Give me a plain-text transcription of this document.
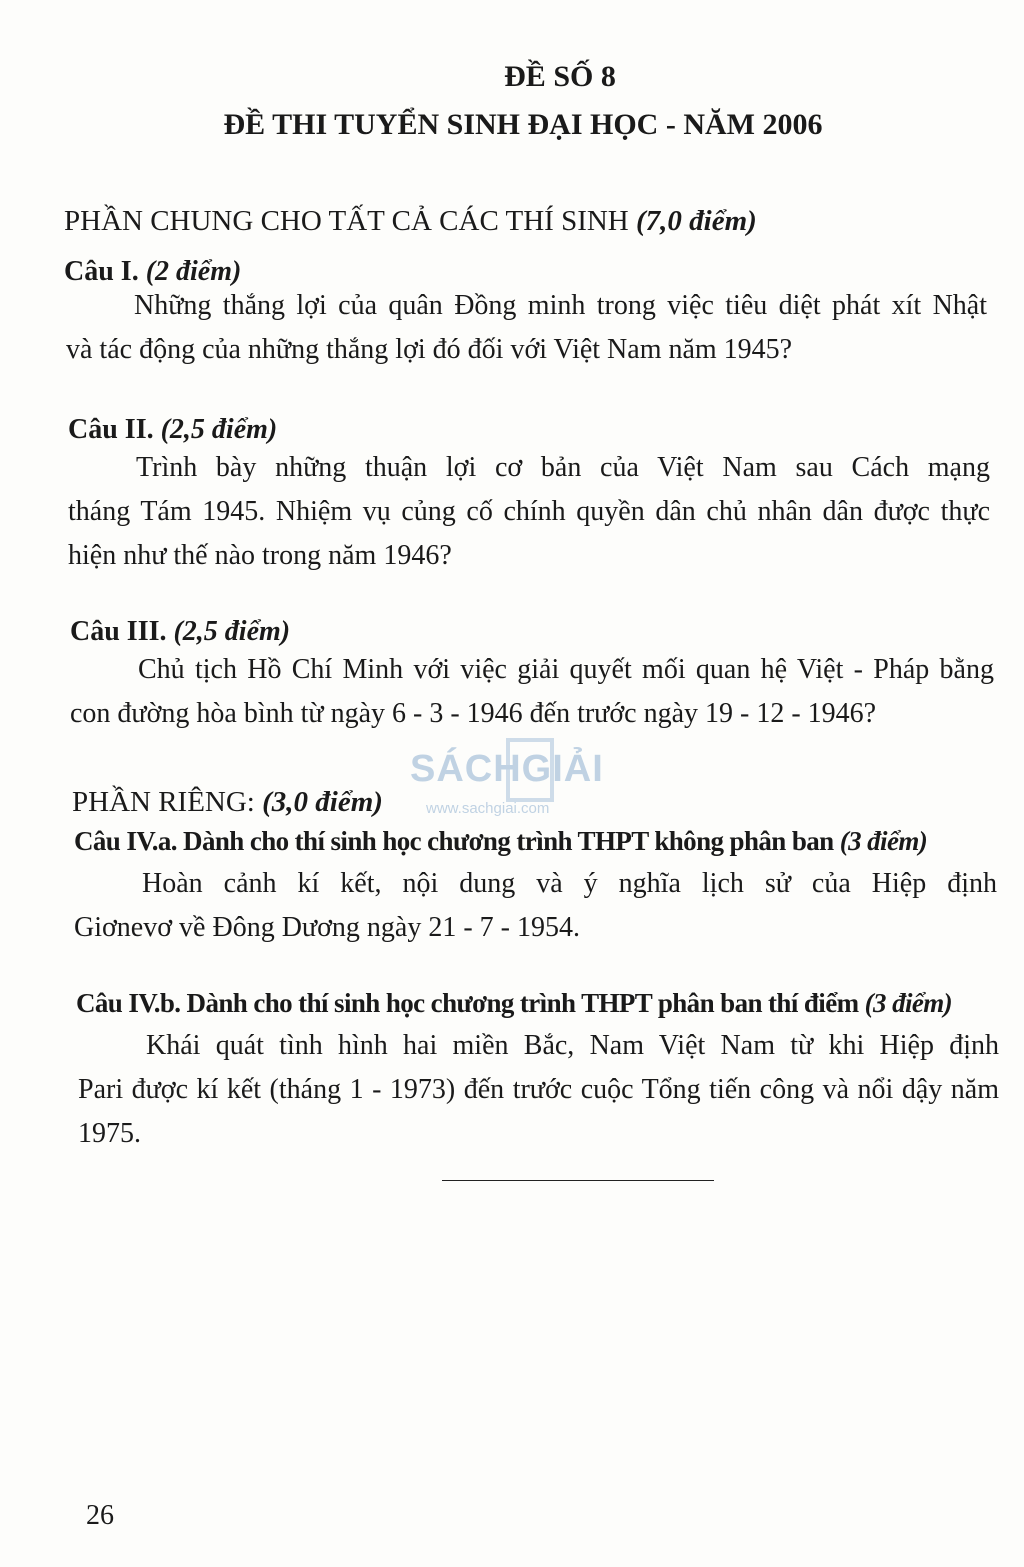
ĐỀ SỐ 8
ĐỀ THI TUYỂN SINH ĐẠI HỌC - NĂM 2006
PHẦN CHUNG CHO TẤT CẢ CÁC THÍ SINH (7,0 điểm)
Câu I. (2 điểm)
Những thắng lợi của quân Đồng minh trong việc tiêu diệt phát xít Nhật
và tác động của những thắng lợi đó đối với Việt Nam năm 1945?
Câu II. (2,5 điểm)
Trình bày những thuận lợi cơ bản của Việt Nam sau Cách mạng
tháng Tám 1945. Nhiệm vụ củng cố chính quyền dân chủ nhân dân được thực hiện như thế nào trong năm 1946?
Câu III. (2,5 điểm)
Chủ tịch Hồ Chí Minh với việc giải quyết mối quan hệ Việt - Pháp bằng
con đường hòa bình từ ngày 6 - 3 - 1946 đến trước ngày 19 - 12 - 1946?
SÁCHGIẢI
www.sachgiai.com
PHẦN RIÊNG: (3,0 điểm)
Câu IV.a. Dành cho thí sinh học chương trình THPT không phân ban (3 điểm)
Hoàn cảnh kí kết, nội dung và ý nghĩa lịch sử của Hiệp định
Giơnevơ về Đông Dương ngày 21 - 7 - 1954.
Câu IV.b. Dành cho thí sinh học chương trình THPT phân ban thí điểm (3 điểm)
Khái quát tình hình hai miền Bắc, Nam Việt Nam từ khi Hiệp định
Pari được kí kết (tháng 1 - 1973) đến trước cuộc Tổng tiến công và nổi dậy năm 1975.
26
